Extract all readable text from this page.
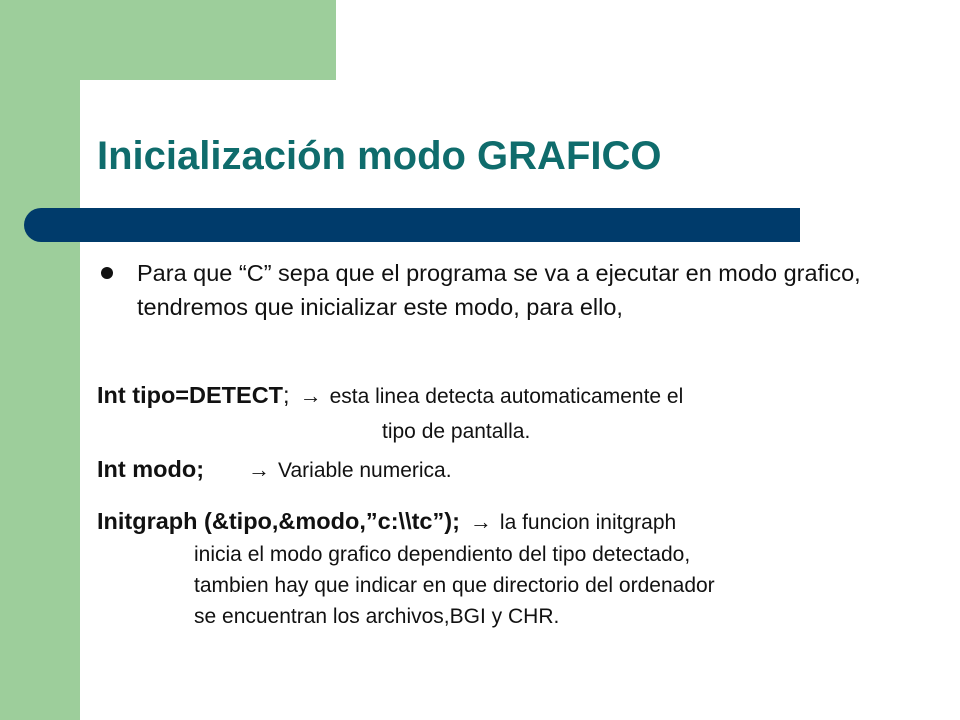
Inicialización modo GRAFICO
Para que “C” sepa que el programa se va a ejecutar en modo grafico, tendremos que inicializar este modo, para ello,
Int tipo=DETECT; → esta linea detecta automaticamente el
tipo de pantalla.
Int modo; → Variable numerica.
Initgraph (&tipo,&modo,”c:\\tc”); → la funcion initgraph
inicia el modo grafico dependiento del tipo detectado,
tambien hay que indicar en que directorio del ordenador
se encuentran los archivos,BGI y CHR.
